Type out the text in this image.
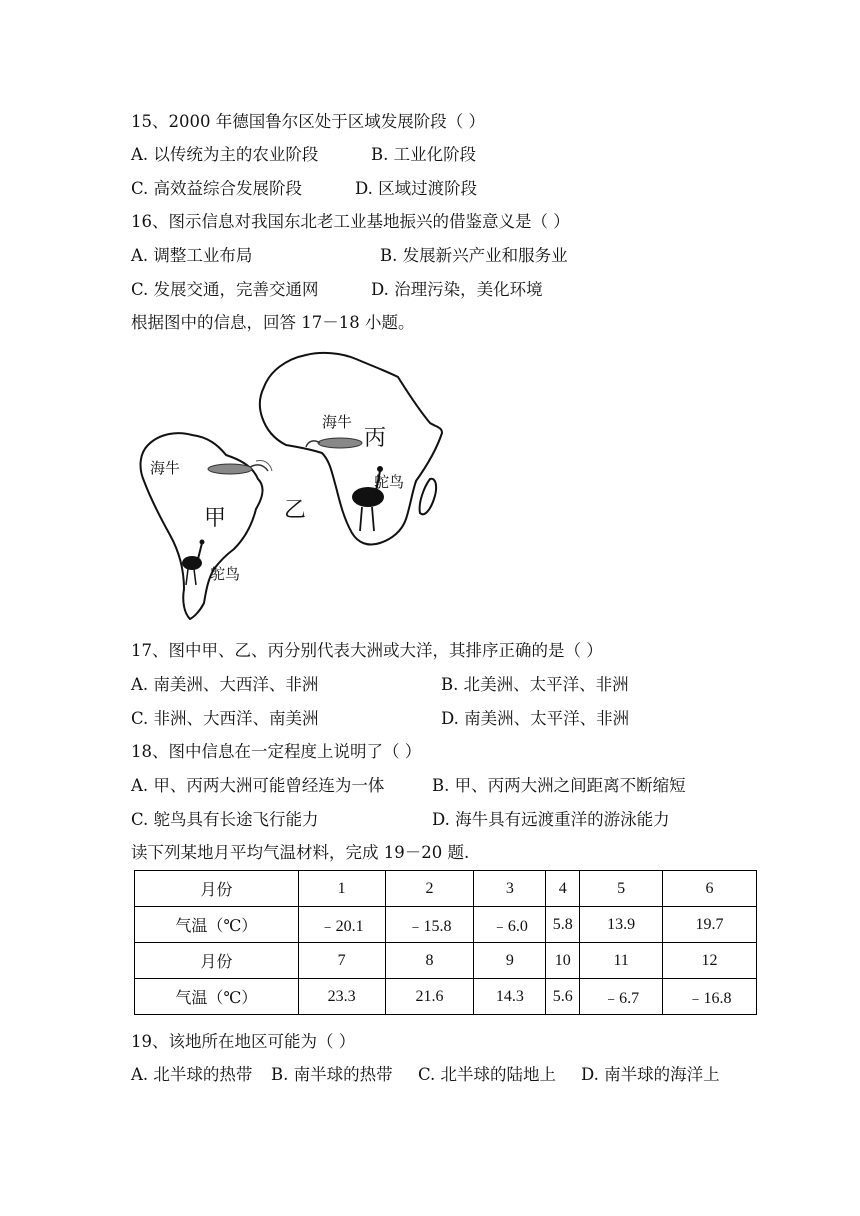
15、2000 年德国鲁尔区处于区域发展阶段（ ）
A. 以传统为主的农业阶段	B. 工业化阶段
C. 高效益综合发展阶段	D. 区域过渡阶段
16、图示信息对我国东北老工业基地振兴的借鉴意义是（ ）
A. 调整工业布局	B. 发展新兴产业和服务业
C. 发展交通，完善交通网	D. 治理污染，美化环境
根据图中的信息，回答 17－18 小题。
海牛
海牛
甲	乙
丙
鸵鸟
鸵鸟
17、图中甲、乙、丙分别代表大洲或大洋，其排序正确的是（ ）
A. 南美洲、大西洋、非洲	B. 北美洲、太平洋、非洲
C. 非洲、大西洋、南美洲	D. 南美洲、太平洋、非洲
18、图中信息在一定程度上说明了（ ）
A. 甲、丙两大洲可能曾经连为一体	B. 甲、丙两大洲之间距离不断缩短
C. 鸵鸟具有长途飞行能力	D. 海牛具有远渡重洋的游泳能力
读下列某地月平均气温材料，完成 19－20 题.
月份	1	2	3	4	5	6
气温（℃）	﹣20.1	﹣15.8	﹣6.0	5.8	13.9	19.7
月份	7	8	9	10	11	12
气温（℃）	23.3	21.6	14.3	5.6	﹣6.7	﹣16.8
19、该地所在地区可能为（ ）
A. 北半球的热带 B. 南半球的热带 C. 北半球的陆地上 D. 南半球的海洋上
